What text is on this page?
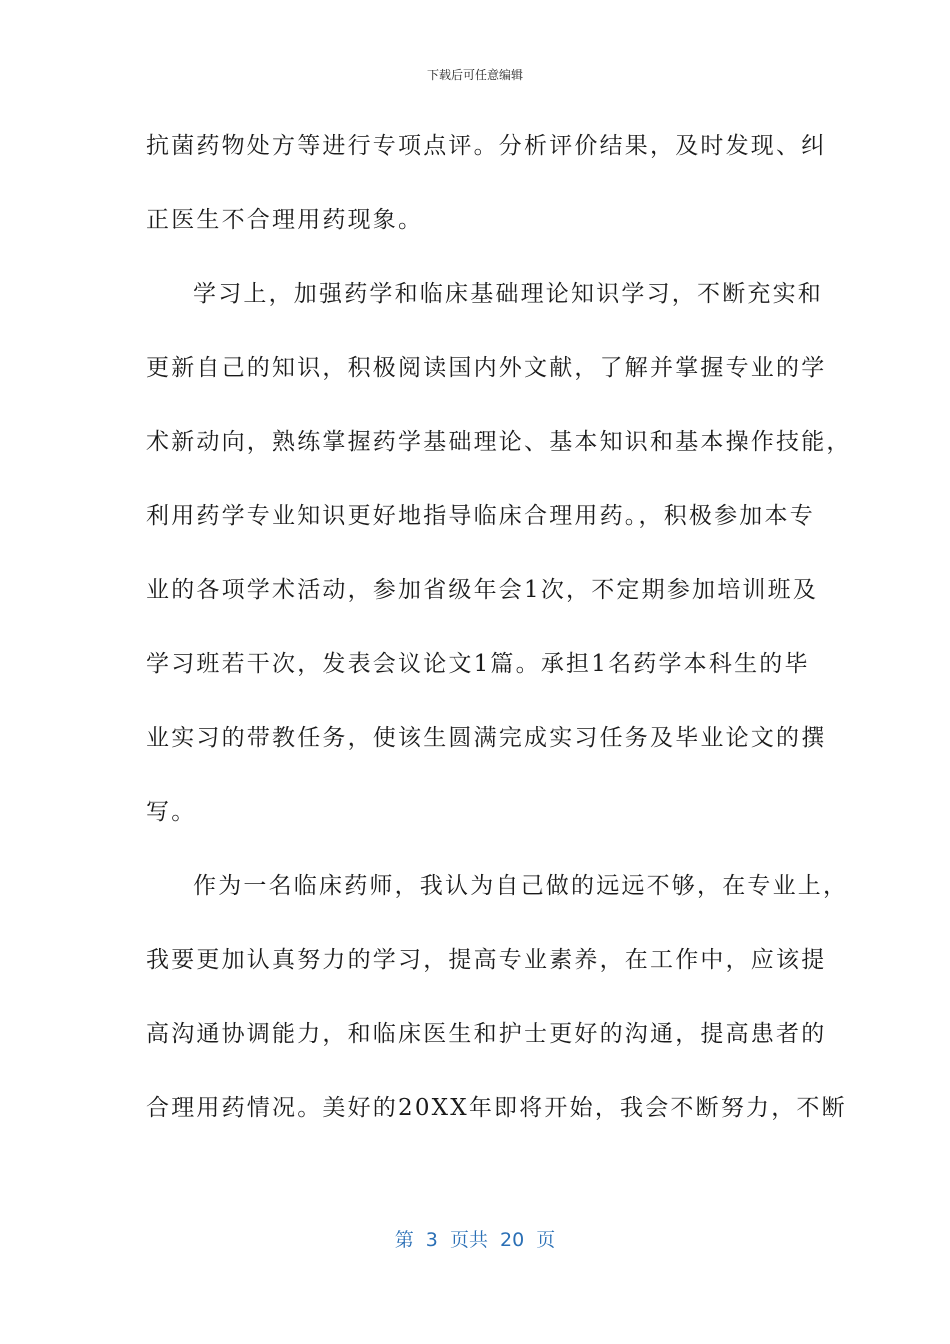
下载后可任意编辑
抗菌药物处方等进行专项点评。分析评价结果，及时发现、纠
正医生不合理用药现象。
学习上，加强药学和临床基础理论知识学习，不断充实和
更新自己的知识，积极阅读国内外文献，了解并掌握专业的学
术新动向，熟练掌握药学基础理论、基本知识和基本操作技能，
利用药学专业知识更好地指导临床合理用药。，积极参加本专
业的各项学术活动，参加省级年会1次，不定期参加培训班及
学习班若干次，发表会议论文1篇。承担1名药学本科生的毕
业实习的带教任务，使该生圆满完成实习任务及毕业论文的撰
写。
作为一名临床药师，我认为自己做的远远不够，在专业上，
我要更加认真努力的学习，提高专业素养，在工作中，应该提
高沟通协调能力，和临床医生和护士更好的沟通，提高患者的
合理用药情况。美好的20XX年即将开始，我会不断努力，不断
第  3  页共  20  页
